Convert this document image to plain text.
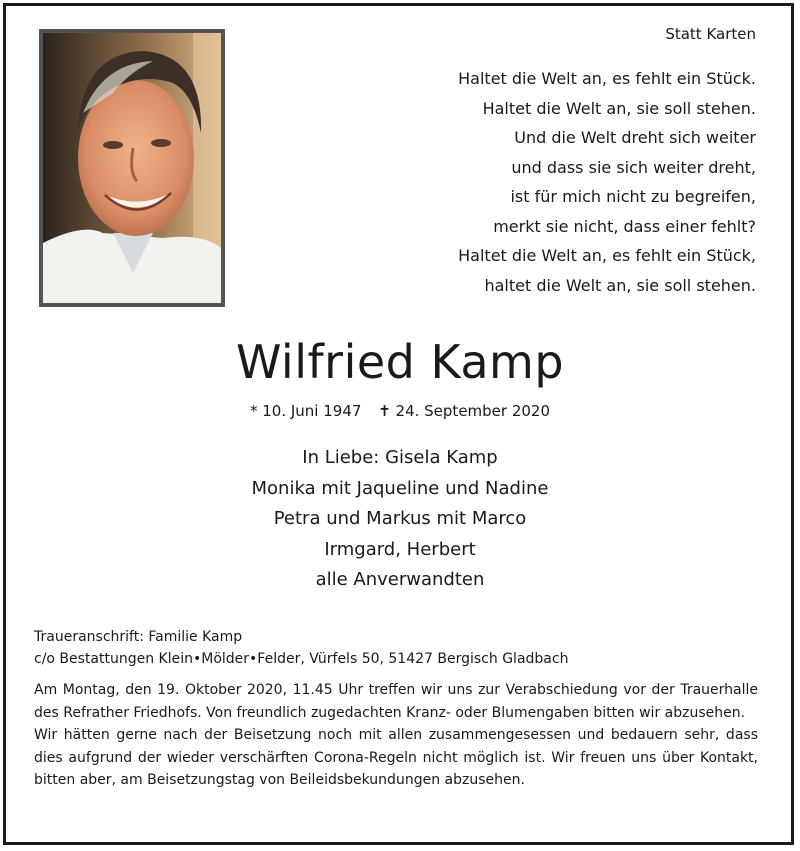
Statt Karten
Haltet die Welt an, es fehlt ein Stück.
Haltet die Welt an, sie soll stehen.
Und die Welt dreht sich weiter
und dass sie sich weiter dreht,
ist für mich nicht zu begreifen,
merkt sie nicht, dass einer fehlt?
Haltet die Welt an, es fehlt ein Stück,
haltet die Welt an, sie soll stehen.
Wilfried Kamp
* 10. Juni 1947 ✝ 24. September 2020
In Liebe: Gisela Kamp
Monika mit Jaqueline und Nadine
Petra und Markus mit Marco
Irmgard, Herbert
alle Anverwandten
Traueranschrift: Familie Kamp
c/o Bestattungen Klein•Mölder•Felder, Vürfels 50, 51427 Bergisch Gladbach

Am Montag, den 19. Oktober 2020, 11.45 Uhr treffen wir uns zur Verabschiedung vor der Trauerhalle des Refrather Friedhofs. Von freundlich zugedachten Kranz- oder Blumengaben bitten wir abzusehen.

Wir hätten gerne nach der Beisetzung noch mit allen zusammengesessen und bedauern sehr, dass dies aufgrund der wieder verschärften Corona-Regeln nicht möglich ist. Wir freuen uns über Kontakt, bitten aber, am Beisetzungstag von Beileidsbekundungen abzusehen.
